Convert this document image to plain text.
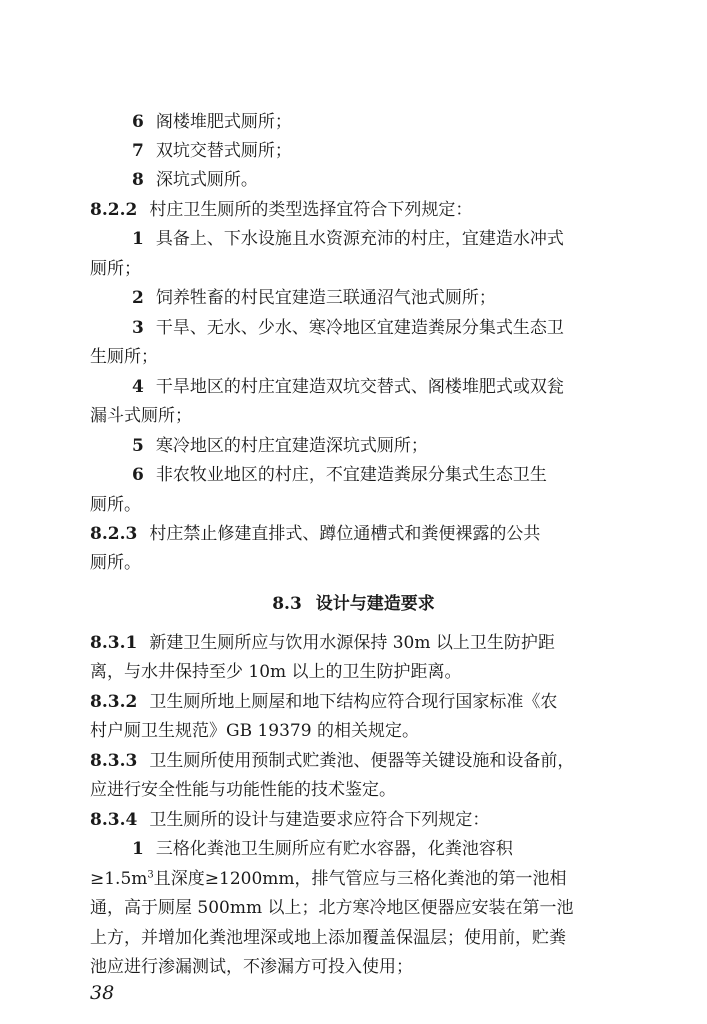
6 阁楼堆肥式厕所；
7 双坑交替式厕所；
8 深坑式厕所。
8.2.2 村庄卫生厕所的类型选择宜符合下列规定：
1 具备上、下水设施且水资源充沛的村庄，宜建造水冲式
厕所；
2 饲养牲畜的村民宜建造三联通沼气池式厕所；
3 干旱、无水、少水、寒冷地区宜建造粪尿分集式生态卫
生厕所；
4 干旱地区的村庄宜建造双坑交替式、阁楼堆肥式或双瓮
漏斗式厕所；
5 寒冷地区的村庄宜建造深坑式厕所；
6 非农牧业地区的村庄，不宜建造粪尿分集式生态卫生
厕所。
8.2.3 村庄禁止修建直排式、蹲位通槽式和粪便裸露的公共
厕所。
8.3 设计与建造要求
8.3.1 新建卫生厕所应与饮用水源保持 30m 以上卫生防护距
离，与水井保持至少 10m 以上的卫生防护距离。
8.3.2 卫生厕所地上厕屋和地下结构应符合现行国家标准《农
村户厕卫生规范》GB 19379 的相关规定。
8.3.3 卫生厕所使用预制式贮粪池、便器等关键设施和设备前，
应进行安全性能与功能性能的技术鉴定。
8.3.4 卫生厕所的设计与建造要求应符合下列规定：
1 三格化粪池卫生厕所应有贮水容器，化粪池容积
$\ge 1.5m^3$且深度≥1200mm，排气管应与三格化粪池的第一池相
通，高于厕屋 500mm 以上；北方寒冷地区便器应安装在第一池
上方，并增加化粪池埋深或地上添加覆盖保温层；使用前，贮粪
池应进行渗漏测试，不渗漏方可投入使用；
38
